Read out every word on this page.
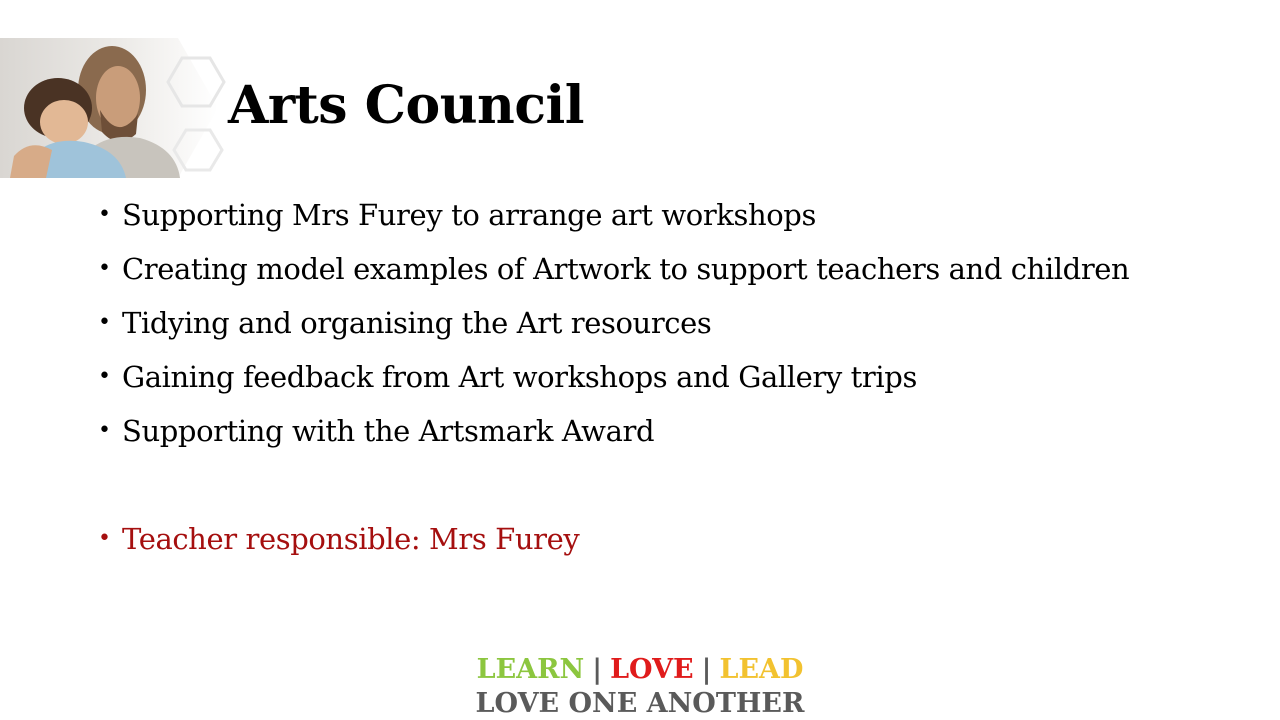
Arts Council
• Supporting Mrs Furey to arrange art workshops
• Creating model examples of Artwork to support teachers and children
• Tidying and organising the Art resources
• Gaining feedback from Art workshops and Gallery trips
• Supporting with the Artsmark Award
• Teacher responsible: Mrs Furey
LEARN | LOVE | LEAD
LOVE ONE ANOTHER
